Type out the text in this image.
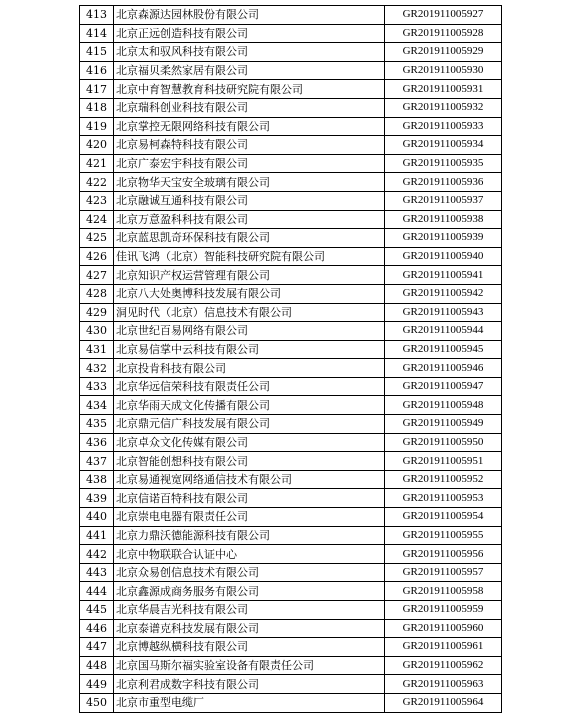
413	北京森源达园林股份有限公司	GR201911005927
414	北京正远创造科技有限公司	GR201911005928
415	北京太和驭风科技有限公司	GR201911005929
416	北京福贝柔然家居有限公司	GR201911005930
417	北京中育智慧教育科技研究院有限公司	GR201911005931
418	北京瑞科创业科技有限公司	GR201911005932
419	北京掌控无限网络科技有限公司	GR201911005933
420	北京易柯森特科技有限公司	GR201911005934
421	北京广泰宏宇科技有限公司	GR201911005935
422	北京物华天宝安全玻璃有限公司	GR201911005936
423	北京融诚互通科技有限公司	GR201911005937
424	北京万意盈科科技有限公司	GR201911005938
425	北京蓝思凯奇环保科技有限公司	GR201911005939
426	佳讯飞鸿（北京）智能科技研究院有限公司	GR201911005940
427	北京知识产权运营管理有限公司	GR201911005941
428	北京八大处奥博科技发展有限公司	GR201911005942
429	洞见时代（北京）信息技术有限公司	GR201911005943
430	北京世纪百易网络有限公司	GR201911005944
431	北京易信掌中云科技有限公司	GR201911005945
432	北京投肯科技有限公司	GR201911005946
433	北京华远信荣科技有限责任公司	GR201911005947
434	北京华雨天成文化传播有限公司	GR201911005948
435	北京鼎元信广科技发展有限公司	GR201911005949
436	北京卓众文化传媒有限公司	GR201911005950
437	北京智能创想科技有限公司	GR201911005951
438	北京易通视宽网络通信技术有限公司	GR201911005952
439	北京信诺百特科技有限公司	GR201911005953
440	北京崇电电器有限责任公司	GR201911005954
441	北京力鼎沃德能源科技有限公司	GR201911005955
442	北京中物联联合认证中心	GR201911005956
443	北京众易创信息技术有限公司	GR201911005957
444	北京鑫源成商务服务有限公司	GR201911005958
445	北京华晨吉光科技有限公司	GR201911005959
446	北京泰谱克科技发展有限公司	GR201911005960
447	北京博越纵横科技有限公司	GR201911005961
448	北京国马斯尔福实验室设备有限责任公司	GR201911005962
449	北京利君成数字科技有限公司	GR201911005963
450	北京市重型电缆厂	GR201911005964
